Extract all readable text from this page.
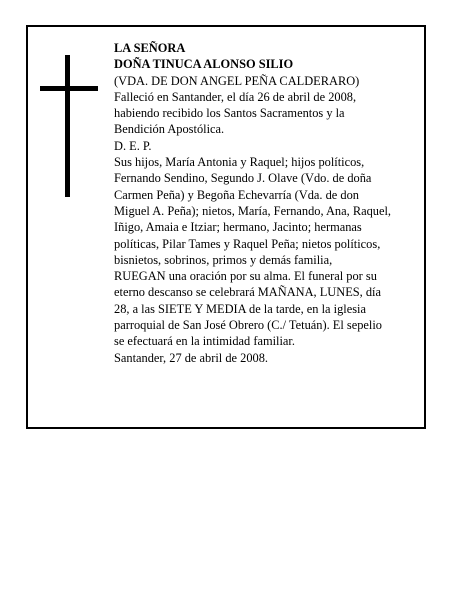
LA SEÑORA
DOÑA TINUCA ALONSO SILIO
(VDA. DE DON ANGEL PEÑA CALDERARO)
Falleció en Santander, el día 26 de abril de 2008,
habiendo recibido los Santos Sacramentos y la
Bendición Apostólica.
D. E. P.
Sus hijos, María Antonia y Raquel; hijos políticos,
Fernando Sendino, Segundo J. Olave (Vdo. de doña
Carmen Peña) y Begoña Echevarría (Vda. de don
Miguel A. Peña); nietos, María, Fernando, Ana, Raquel,
Iñigo, Amaia e Itziar; hermano, Jacinto; hermanas
políticas, Pilar Tames y Raquel Peña; nietos políticos,
bisnietos, sobrinos, primos y demás familia,
RUEGAN una oración por su alma. El funeral por su
eterno descanso se celebrará MAÑANA, LUNES, día
28, a las SIETE Y MEDIA de la tarde, en la iglesia
parroquial de San José Obrero (C./ Tetuán). El sepelio
se efectuará en la intimidad familiar.
Santander, 27 de abril de 2008.
